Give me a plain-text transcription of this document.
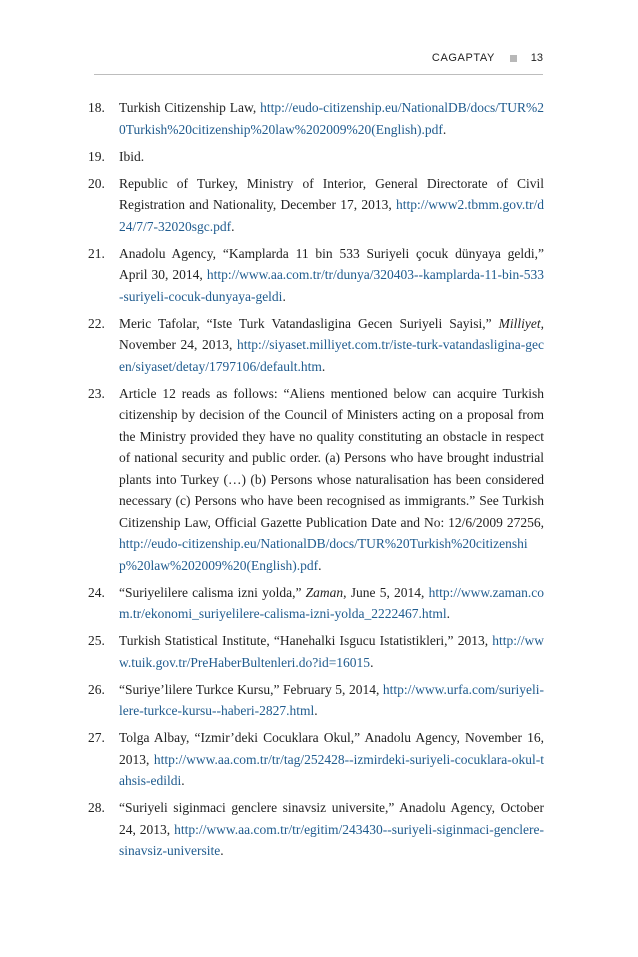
CAGAPTAY	13
18. Turkish Citizenship Law, http://eudo-citizenship.eu/NationalDB/docs/TUR%20Turkish%20citizenship%20law%202009%20(English).pdf.
19. Ibid.
20. Republic of Turkey, Ministry of Interior, General Directorate of Civil Registration and Nationality, December 17, 2013, http://www2.tbmm.gov.tr/d24/7/7-32020sgc.pdf.
21. Anadolu Agency, “Kamplarda 11 bin 533 Suriyeli çocuk dünyaya geldi,” April 30, 2014, http://www.aa.com.tr/tr/dunya/320403--kamplarda-11-bin-533-suriyeli-cocuk-dunyaya-geldi.
22. Meric Tafolar, “Iste Turk Vatandasligina Gecen Suriyeli Sayisi,” Milliyet, November 24, 2013, http://siyaset.milliyet.com.tr/iste-turk-vatandasligina-gecen/siyaset/detay/1797106/default.htm.
23. Article 12 reads as follows: “Aliens mentioned below can acquire Turkish citizenship by decision of the Council of Ministers acting on a proposal from the Ministry provided they have no quality constituting an obstacle in respect of national security and public order. (a) Persons who have brought industrial plants into Turkey (…) (b) Persons whose naturalisation has been considered necessary (c) Persons who have been recognised as immigrants.” See Turkish Citizenship Law, Official Gazette Publication Date and No: 12/6/2009 27256, http://eudo-citizenship.eu/NationalDB/docs/TUR%20Turkish%20citizenship%20law%202009%20(English).pdf.
24. “Suriyelilere calisma izni yolda,” Zaman, June 5, 2014, http://www.zaman.com.tr/ekonomi_suriyelilere-calisma-izni-yolda_2222467.html.
25. Turkish Statistical Institute, “Hanehalki Isgucu Istatistikleri,” 2013, http://www.tuik.gov.tr/PreHaberBultenleri.do?id=16015.
26. “Suriye’lilere Turkce Kursu,” February 5, 2014, http://www.urfa.com/suriyeli-lere-turkce-kursu--haberi-2827.html.
27. Tolga Albay, “Izmir’deki Cocuklara Okul,” Anadolu Agency, November 16, 2013, http://www.aa.com.tr/tr/tag/252428--izmirdeki-suriyeli-cocuklara-okul-tahsis-edildi.
28. “Suriyeli siginmaci genclere sinavsiz universite,” Anadolu Agency, October 24, 2013, http://www.aa.com.tr/tr/egitim/243430--suriyeli-siginmaci-genclere-sinavsiz-universite.
